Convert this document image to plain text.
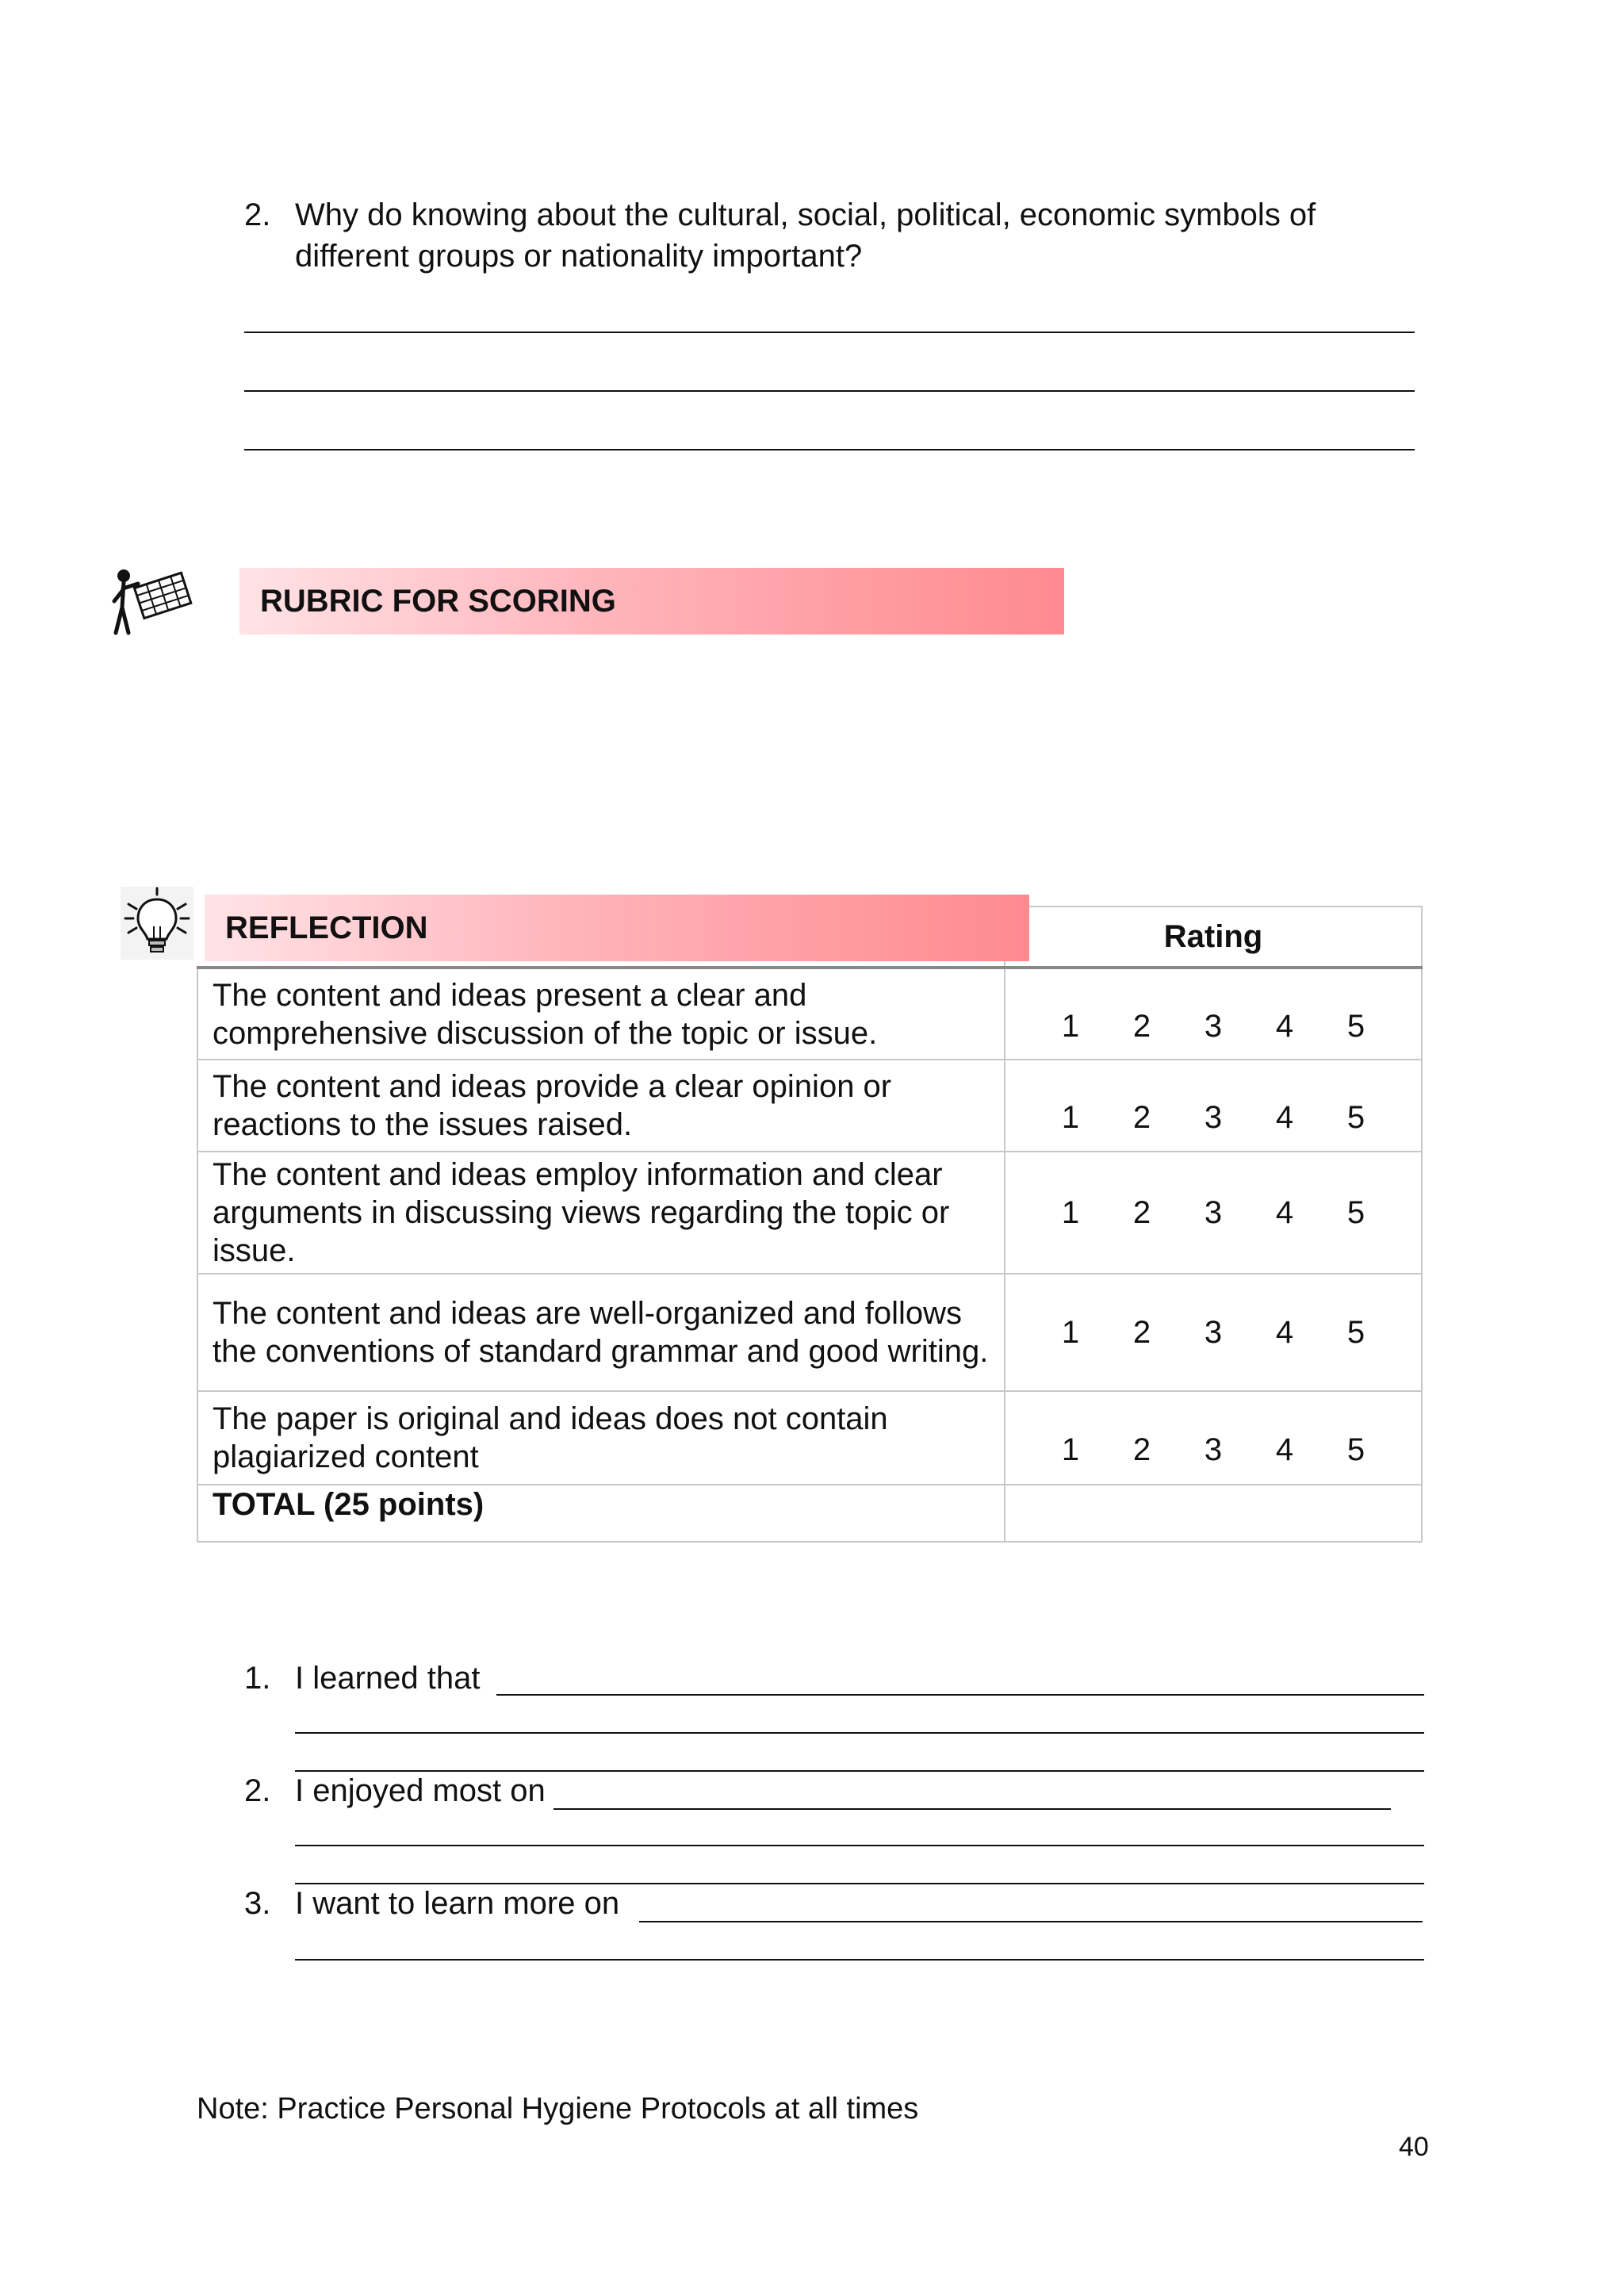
2. Why do knowing about the cultural, social, political, economic symbols of different groups or nationality important?
RUBRIC FOR SCORING
	Rating
The content and ideas present a clear and comprehensive discussion of the topic or issue.	1 2 3 4 5

The content and ideas provide a clear opinion or reactions to the issues raised.	1 2 3 4 5

The content and ideas employ information and clear arguments in discussing views regarding the topic or issue.	1 2 3 4 5

The content and ideas are well-organized and follows the conventions of standard grammar and good writing.	1 2 3 4 5

The paper is original and ideas does not contain plagiarized content	1 2 3 4 5

TOTAL (25 points)	
REFLECTION
1. I learned that
2. I enjoyed most on
3. I want to learn more on
Note: Practice Personal Hygiene Protocols at all times
40
